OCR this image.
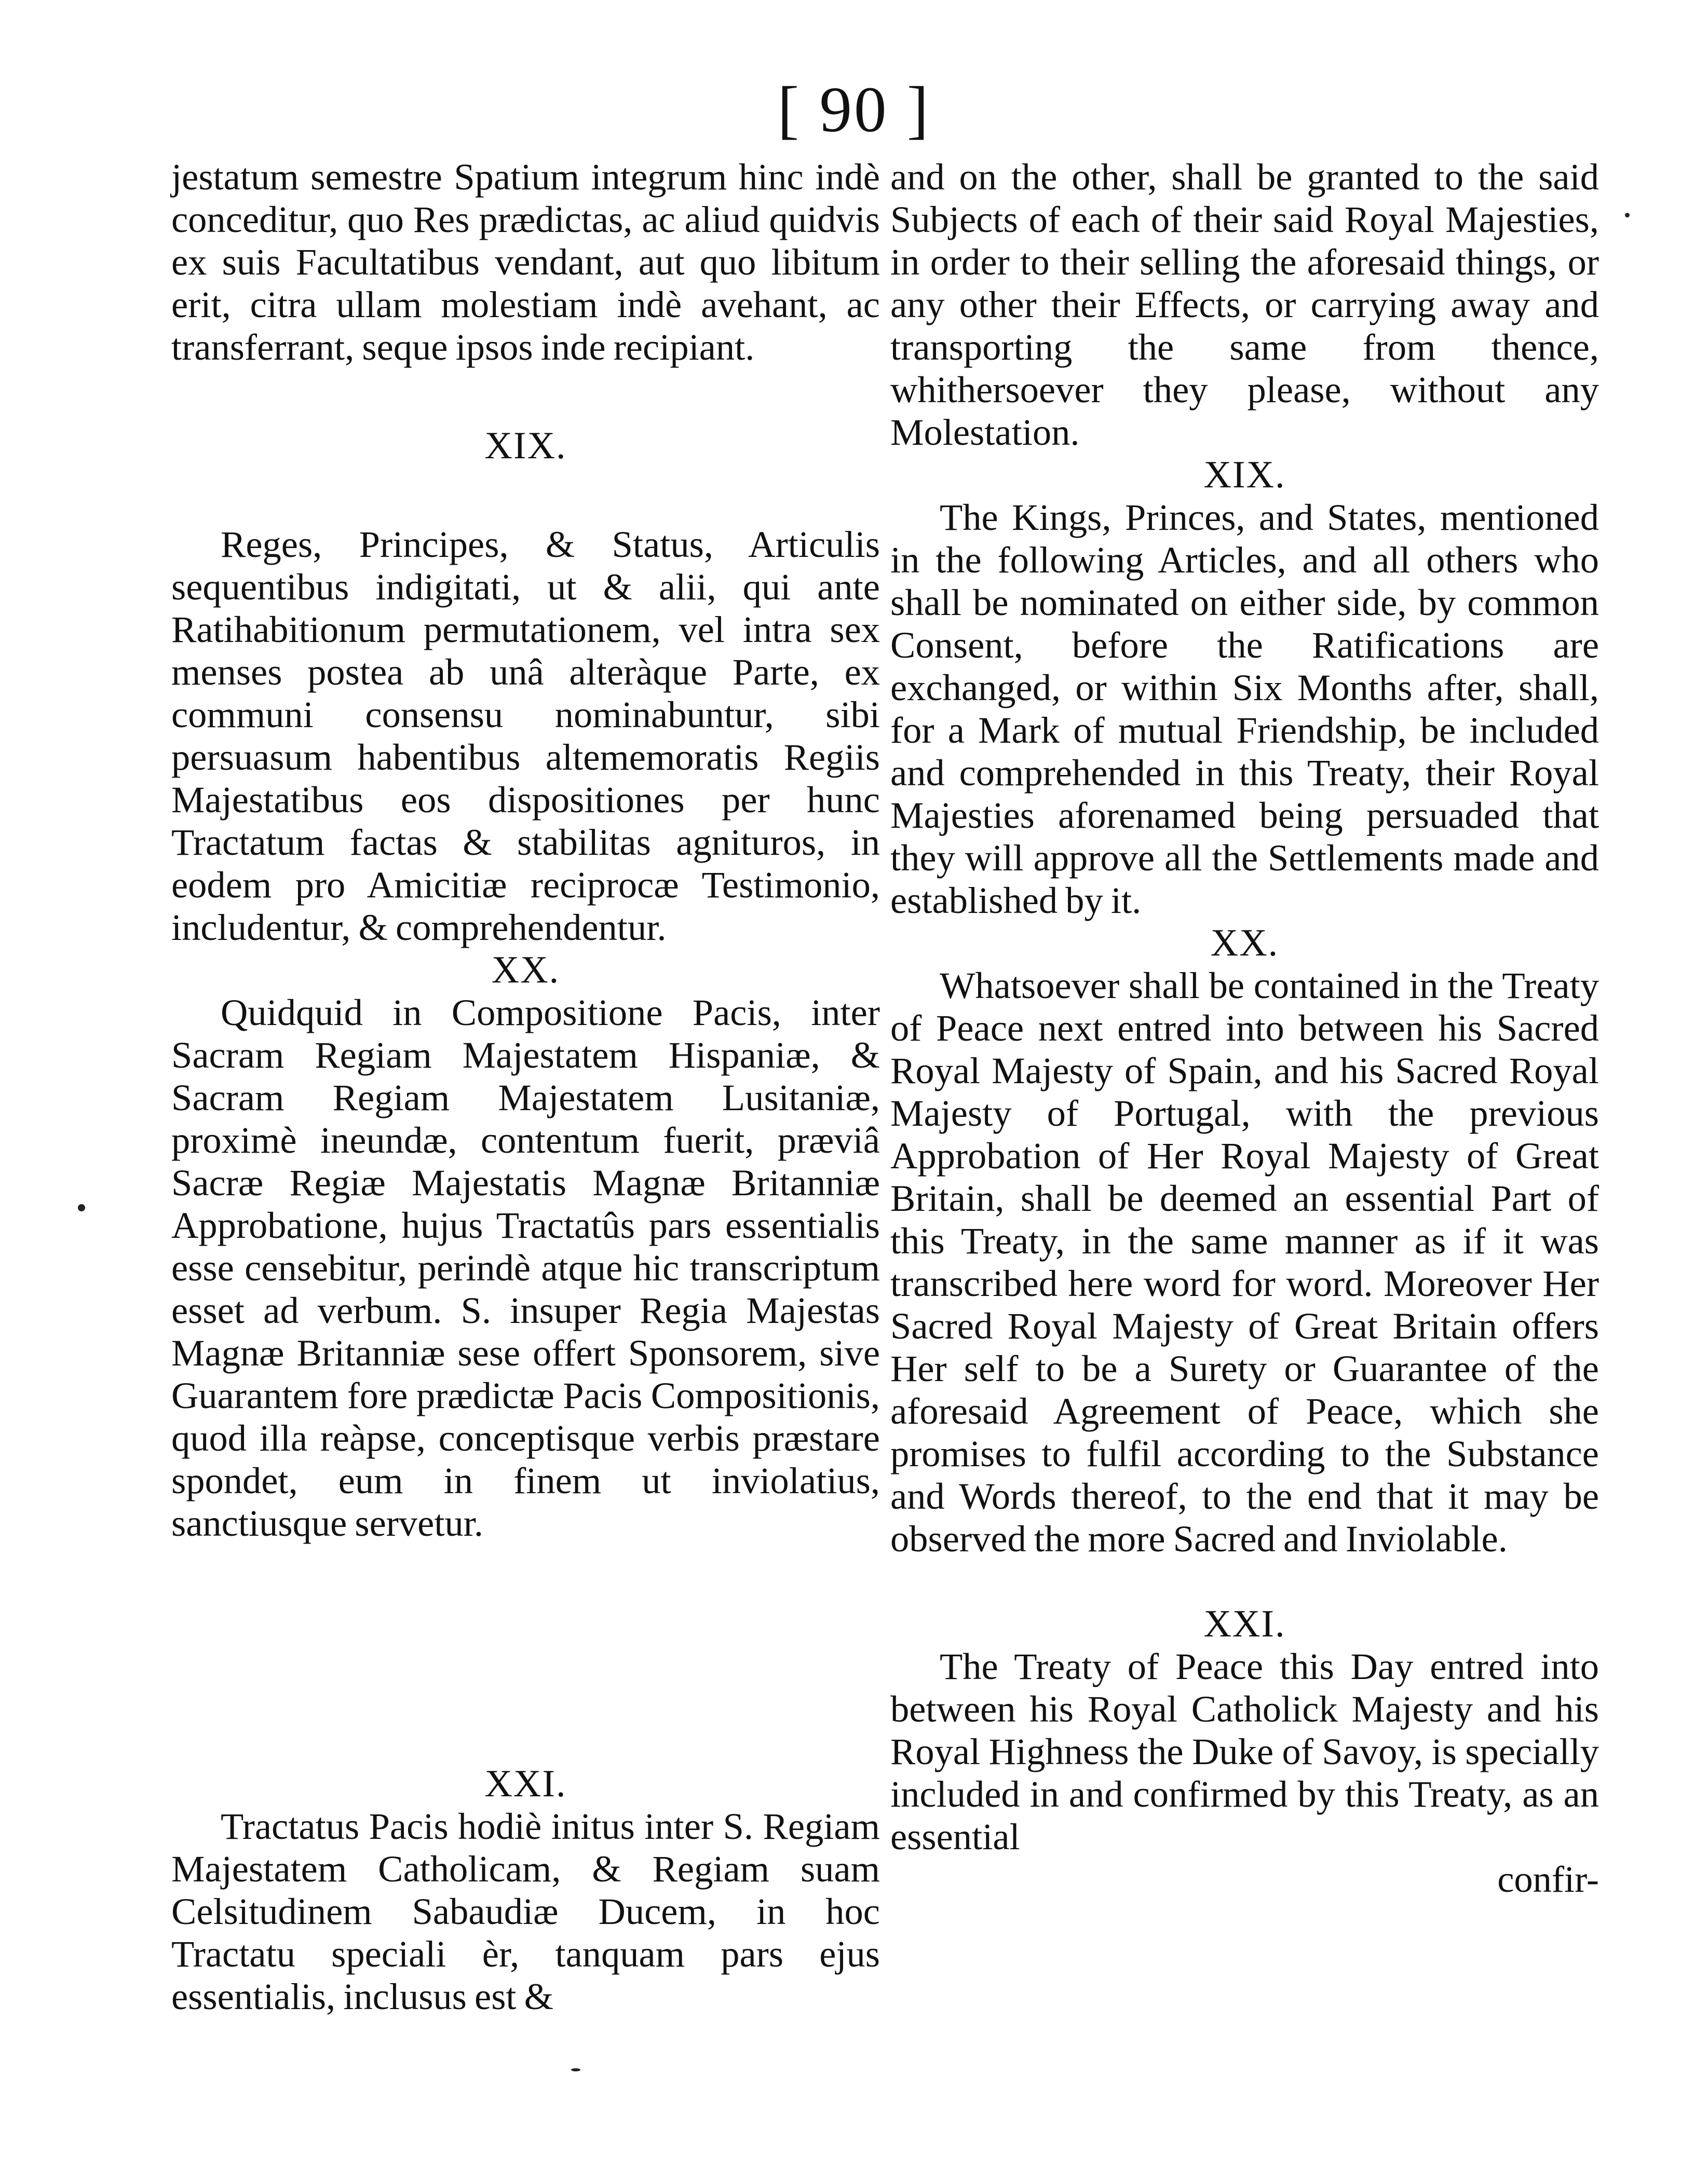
[ 90 ]

jestatum semestre Spatium integrum hinc indè conceditur, quo Res prædictas, ac aliud quidvis ex suis Facultatibus vendant, aut quo libitum erit, citra ullam molestiam indè avehant, ac transferrant, seque ipsos inde recipiant.

XIX.

Reges, Principes, & Status, Articulis sequentibus indigitati, ut & alii, qui ante Ratihabitionum permutationem, vel intra sex menses postea ab unâ alteràque Parte, ex communi consensu nominabuntur, sibi persuasum habentibus altememoratis Regiis Majestatibus eos dispositiones per hunc Tractatum factas & stabilitas agnituros, in eodem pro Amicitiæ reciprocæ Testimonio, includentur, & comprehendentur.

XX.

Quidquid in Compositione Pacis, inter Sacram Regiam Majestatem Hispaniæ, & Sacram Regiam Majestatem Lusitaniæ, proximè ineundæ, contentum fuerit, præviâ Sacræ Regiæ Majestatis Magnæ Britanniæ Approbatione, hujus Tractatûs pars essentialis esse censebitur, perindè atque hic transcriptum esset ad verbum. S. insuper Regia Majestas Magnæ Britanniæ sese offert Sponsorem, sive Guarantem fore prædictæ Pacis Compositionis, quod illa reàpse, conceptisque verbis præstare spondet, eum in finem ut inviolatius, sanctiusque servetur.

XXI.

Tractatus Pacis hodiè initus inter S. Regiam Majestatem Catholicam, & Regiam suam Celsitudinem Sabaudiæ Ducem, in hoc Tractatu speciali èr, tanquam pars ejus essentialis, inclusus est &

and on the other, shall be granted to the said Subjects of each of their said Royal Majesties, in order to their selling the aforesaid things, or any other their Effects, or carrying away and transporting the same from thence, whithersoever they please, without any Molestation.

XIX.

The Kings, Princes, and States, mentioned in the following Articles, and all others who shall be nominated on either side, by common Consent, before the Ratifications are exchanged, or within Six Months after, shall, for a Mark of mutual Friendship, be included and comprehended in this Treaty, their Royal Majesties aforenamed being persuaded that they will approve all the Settlements made and established by it.

XX.

Whatsoever shall be contained in the Treaty of Peace next entred into between his Sacred Royal Majesty of Spain, and his Sacred Royal Majesty of Portugal, with the previous Approbation of Her Royal Majesty of Great Britain, shall be deemed an essential Part of this Treaty, in the same manner as if it was transcribed here word for word. Moreover Her Sacred Royal Majesty of Great Britain offers Her self to be a Surety or Guarantee of the aforesaid Agreement of Peace, which she promises to fulfil according to the Substance and Words thereof, to the end that it may be observed the more Sacred and Inviolable.

XXI.

The Treaty of Peace this Day entred into between his Royal Catholick Majesty and his Royal Highness the Duke of Savoy, is specially included in and confirmed by this Treaty, as an essential

confir-
